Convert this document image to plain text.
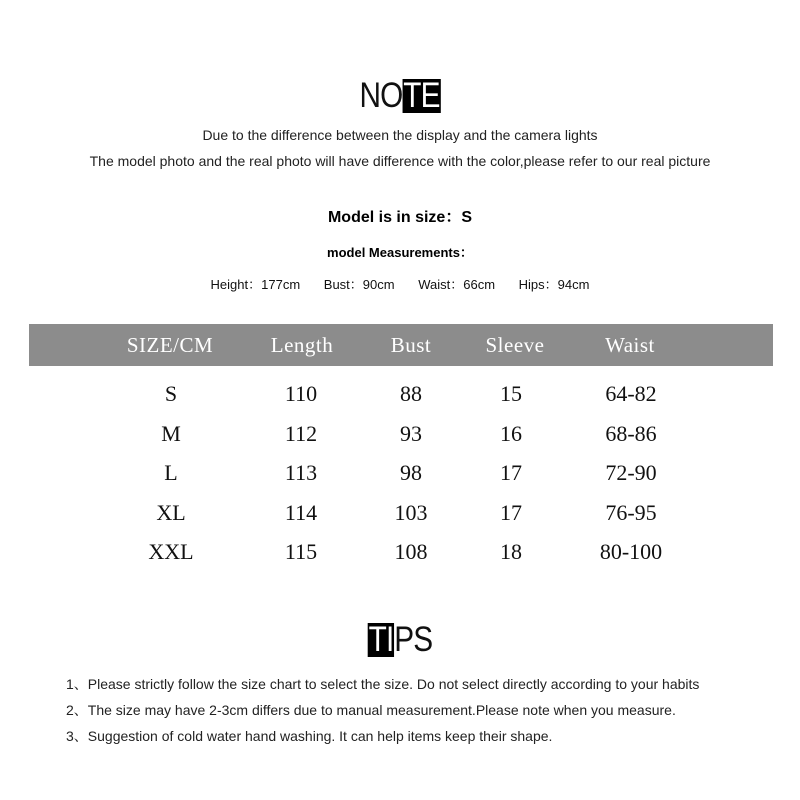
NOTE
Due to the difference between the display and the camera lights
The model photo and the real photo will have difference with the color,please refer to our real picture
Model is in size：S
model Measurements：
Height：177cm Bust：90cm Waist：66cm Hips：94cm
SIZE/CM	Length	Bust	Sleeve	Waist
S	110	88	15	64-82
M	112	93	16	68-86
L	113	98	17	72-90
XL	114	103	17	76-95
XXL	115	108	18	80-100
TIPS
1、Please strictly follow the size chart to select the size. Do not select directly according to your habits
2、The size may have 2-3cm differs due to manual measurement.Please note when you measure.
3、Suggestion of cold water hand washing. It can help items keep their shape.
